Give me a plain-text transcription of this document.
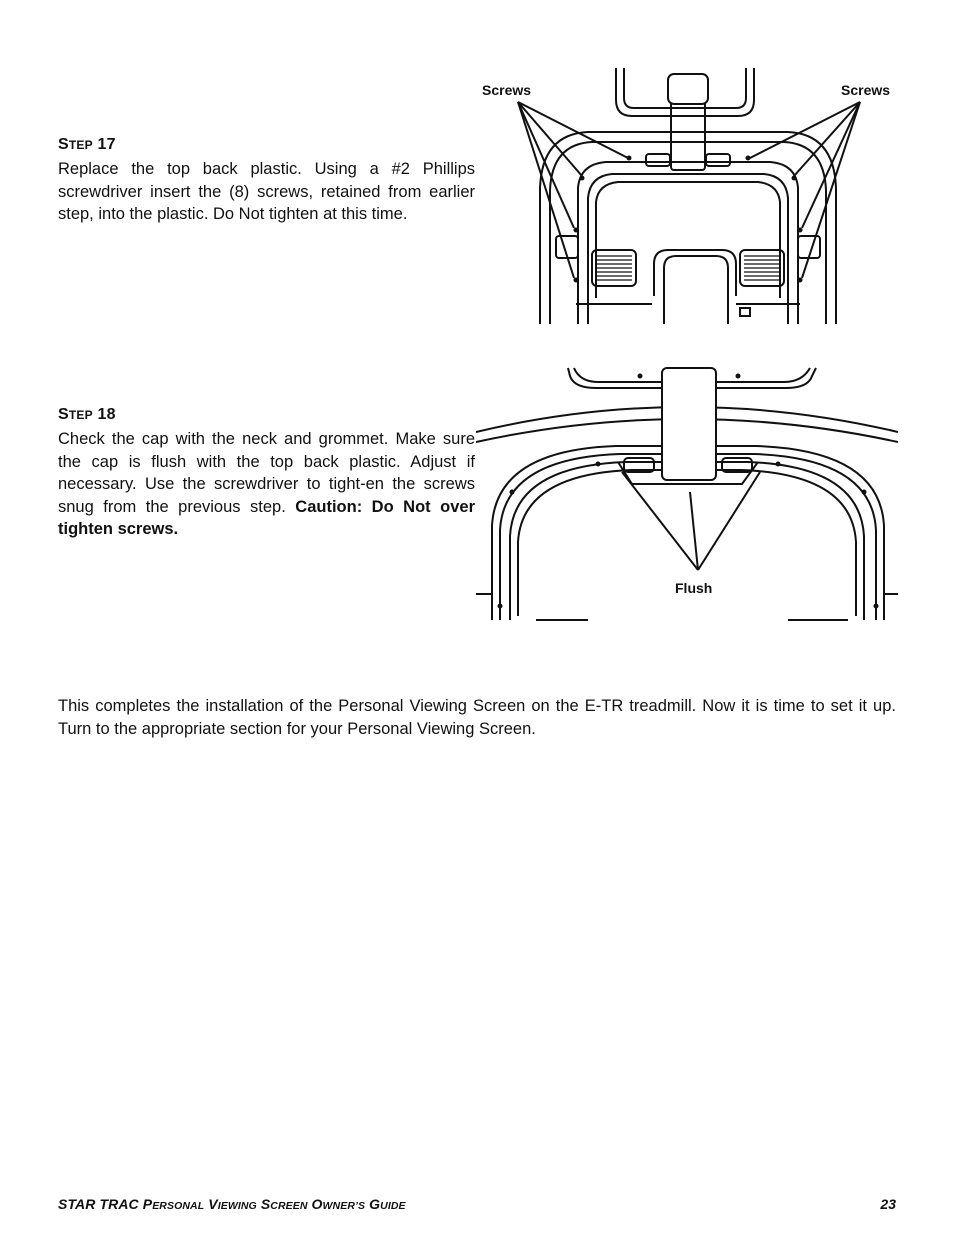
STEP 17
Replace the top back plastic. Using a #2 Phillips screwdriver insert the (8) screws, retained from earlier step, into the plastic. Do Not tighten at this time.
Screws	Screws
STEP 18
Check the cap with the neck and grommet. Make sure the cap is flush with the top back plastic. Adjust if necessary. Use the screwdriver to tight-en the screws snug from the previous step. Caution: Do Not over tighten screws.
Flush
This completes the installation of the Personal Viewing Screen on the E-TR treadmill. Now it is time to set it up. Turn to the appropriate section for your Personal Viewing Screen.
STAR TRAC PERSONAL VIEWING SCREEN OWNER’S GUIDE	23
